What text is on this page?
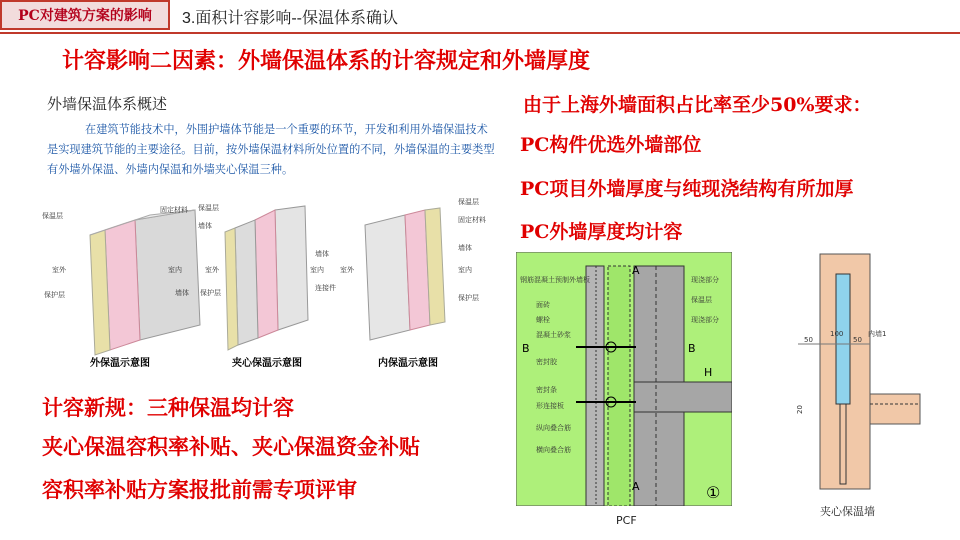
PC对建筑方案的影响	3.面积计容影响--保温体系确认
计容影响二因素：外墙保温体系的计容规定和外墙厚度
外墙保温体系概述
在建筑节能技术中，外围护墙体节能是一个重要的环节，开发和利用外墙保温技术是实现建筑节能的主要途径。目前，按外墙保温材料所处位置的不同，外墙保温的主要类型有外墙外保温、外墙内保温和外墙夹心保温三种。
保温层
固定材料
室外	室内
保护层	墙体
外保温示意图
保温层
墙体
室外	室内
保护层
墙体
连接件
夹心保温示意图
保温层
固定材料
室外	室内
保护层
墙体
内保温示意图
由于上海外墙面积占比率至少50%要求：
PC构件优选外墙部位
PC项目外墙厚度与纯现浇结构有所加厚
PC外墙厚度均计容
计容新规：三种保温均计容
夹心保温容积率补贴、夹心保温资金补贴
容积率补贴方案报批前需专项评审
钢筋混凝土预制外墙板
面砖
螺栓
混凝土砂浆
密封胶
密封条
形连接板
纵向叠合筋
横向叠合筋
现浇部分
保温层
现浇部分
A
B	B
A
H
①
PCF
50
100
50
20
内墙1
夹心保温墙
